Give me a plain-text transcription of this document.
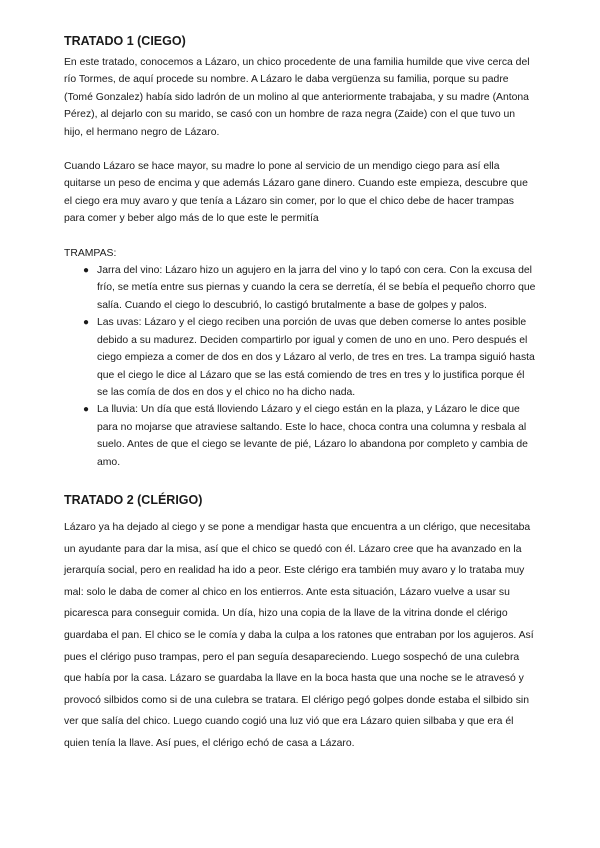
TRATADO 1 (CIEGO)

En este tratado, conocemos a Lázaro, un chico procedente de una familia humilde que vive cerca del río Tormes, de aquí procede su nombre. A Lázaro le daba vergüenza su familia, porque su padre (Tomé Gonzalez) había sido ladrón de un molino al que anteriormente trabajaba, y su madre (Antona Pérez), al dejarlo con su marido, se casó con un hombre de raza negra (Zaide) con el que tuvo un hijo, el hermano negro de Lázaro.

Cuando Lázaro se hace mayor, su madre lo pone al servicio de un mendigo ciego para así ella quitarse un peso de encima y que además Lázaro gane dinero. Cuando este empieza, descubre que el ciego era muy avaro y que tenía a Lázaro sin comer, por lo que el chico debe de hacer trampas para comer y beber algo más de lo que este le permitía

TRAMPAS:
● Jarra del vino: Lázaro hizo un agujero en la jarra del vino y lo tapó con cera. Con la excusa del frío, se metía entre sus piernas y cuando la cera se derretía, él se bebía el pequeño chorro que salía. Cuando el ciego lo descubrió, lo castigó brutalmente a base de golpes y palos.
● Las uvas: Lázaro y el ciego reciben una porción de uvas que deben comerse lo antes posible debido a su madurez. Deciden compartirlo por igual y comen de uno en uno. Pero después el ciego empieza a comer de dos en dos y Lázaro al verlo, de tres en tres. La trampa siguió hasta que el ciego le dice al Lázaro que se las está comiendo de tres en tres y lo justifica porque él se las comía de dos en dos y el chico no ha dicho nada.
● La lluvia: Un día que está lloviendo Lázaro y el ciego están en la plaza, y Lázaro le dice que para no mojarse que atraviese saltando. Este lo hace, choca contra una columna y resbala al suelo. Antes de que el ciego se levante de pié, Lázaro lo abandona por completo y cambia de amo.
TRATADO 2 (CLÉRIGO)

Lázaro ya ha dejado al ciego y se pone a mendigar hasta que encuentra a un clérigo, que necesitaba un ayudante para dar la misa, así que el chico se quedó con él. Lázaro cree que ha avanzado en la jerarquía social, pero en realidad ha ido a peor. Este clérigo era también muy avaro y lo trataba muy mal: solo le daba de comer al chico en los entierros. Ante esta situación, Lázaro vuelve a usar su picaresca para conseguir comida. Un día, hizo una copia de la llave de la vitrina donde el clérigo guardaba el pan. El chico se le comía y daba la culpa a los ratones que entraban por los agujeros. Así pues el clérigo puso trampas, pero el pan seguía desapareciendo. Luego sospechó de una culebra que había por la casa. Lázaro se guardaba la llave en la boca hasta que una noche se le atravesó y provocó silbidos como si de una culebra se tratara. El clérigo pegó golpes donde estaba el silbido sin ver que salía del chico. Luego cuando cogió una luz vió que era Lázaro quien silbaba y que era él quien tenía la llave. Así pues, el clérigo echó de casa a Lázaro.
